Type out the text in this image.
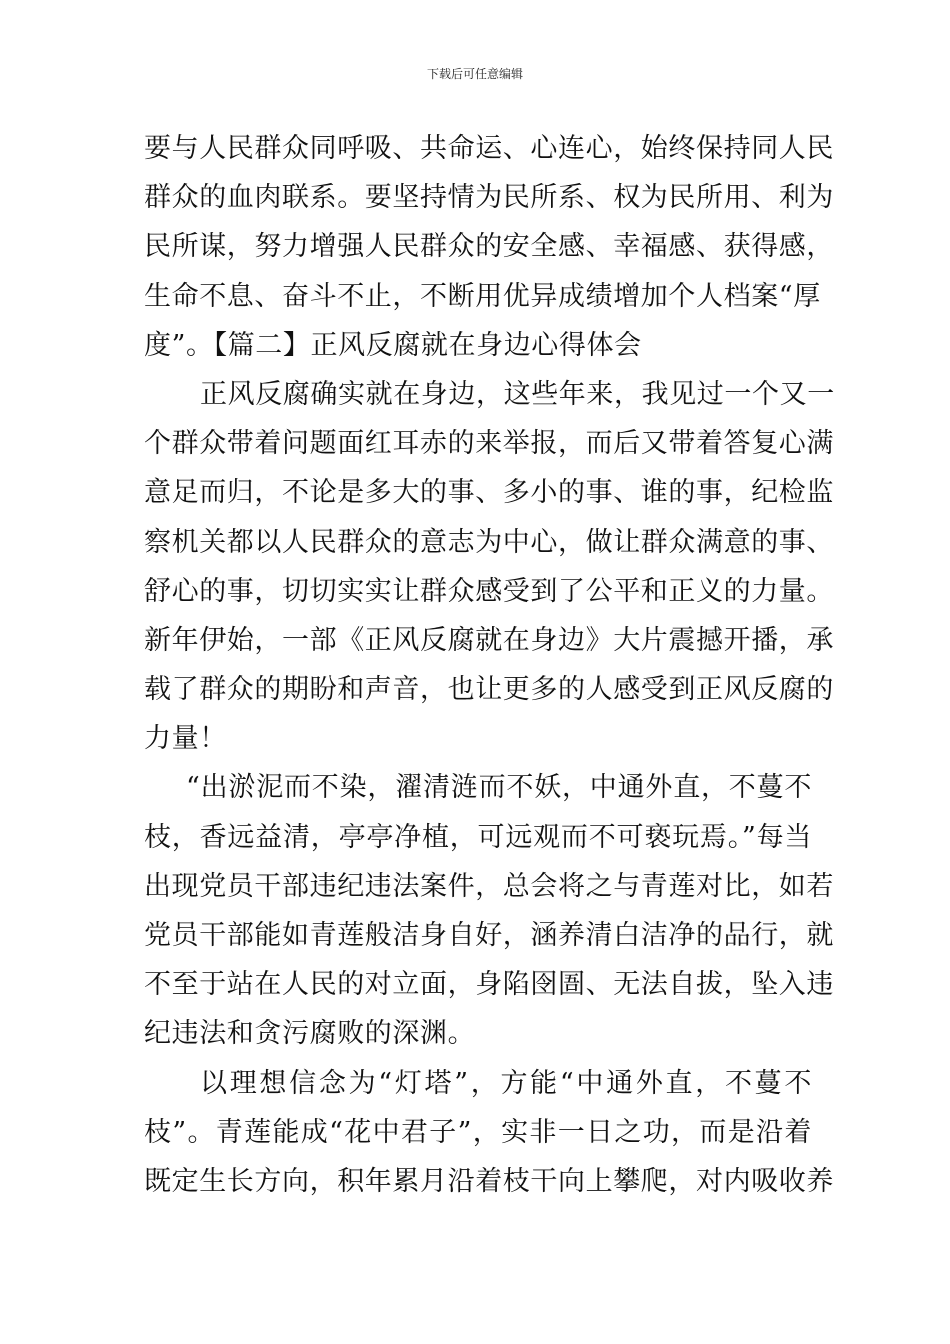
下载后可任意编辑
要与人民群众同呼吸、共命运、心连心，始终保持同人民
群众的血肉联系。要坚持情为民所系、权为民所用、利为
民所谋，努力增强人民群众的安全感、幸福感、获得感，
生命不息、奋斗不止，不断用优异成绩增加个人档案“厚
度”。【篇二】正风反腐就在身边心得体会
正风反腐确实就在身边，这些年来，我见过一个又一
个群众带着问题面红耳赤的来举报，而后又带着答复心满
意足而归，不论是多大的事、多小的事、谁的事，纪检监
察机关都以人民群众的意志为中心，做让群众满意的事、
舒心的事，切切实实让群众感受到了公平和正义的力量。
新年伊始，一部《正风反腐就在身边》大片震撼开播，承
载了群众的期盼和声音，也让更多的人感受到正风反腐的
力量！
“出淤泥而不染，濯清涟而不妖，中通外直，不蔓不
枝，香远益清，亭亭净植，可远观而不可亵玩焉。”每当
出现党员干部违纪违法案件，总会将之与青莲对比，如若
党员干部能如青莲般洁身自好，涵养清白洁净的品行，就
不至于站在人民的对立面，身陷囹圄、无法自拔，坠入违
纪违法和贪污腐败的深渊。
以理想信念为“灯塔”，方能“中通外直，不蔓不
枝”。青莲能成“花中君子”，实非一日之功，而是沿着
既定生长方向，积年累月沿着枝干向上攀爬，对内吸收养
